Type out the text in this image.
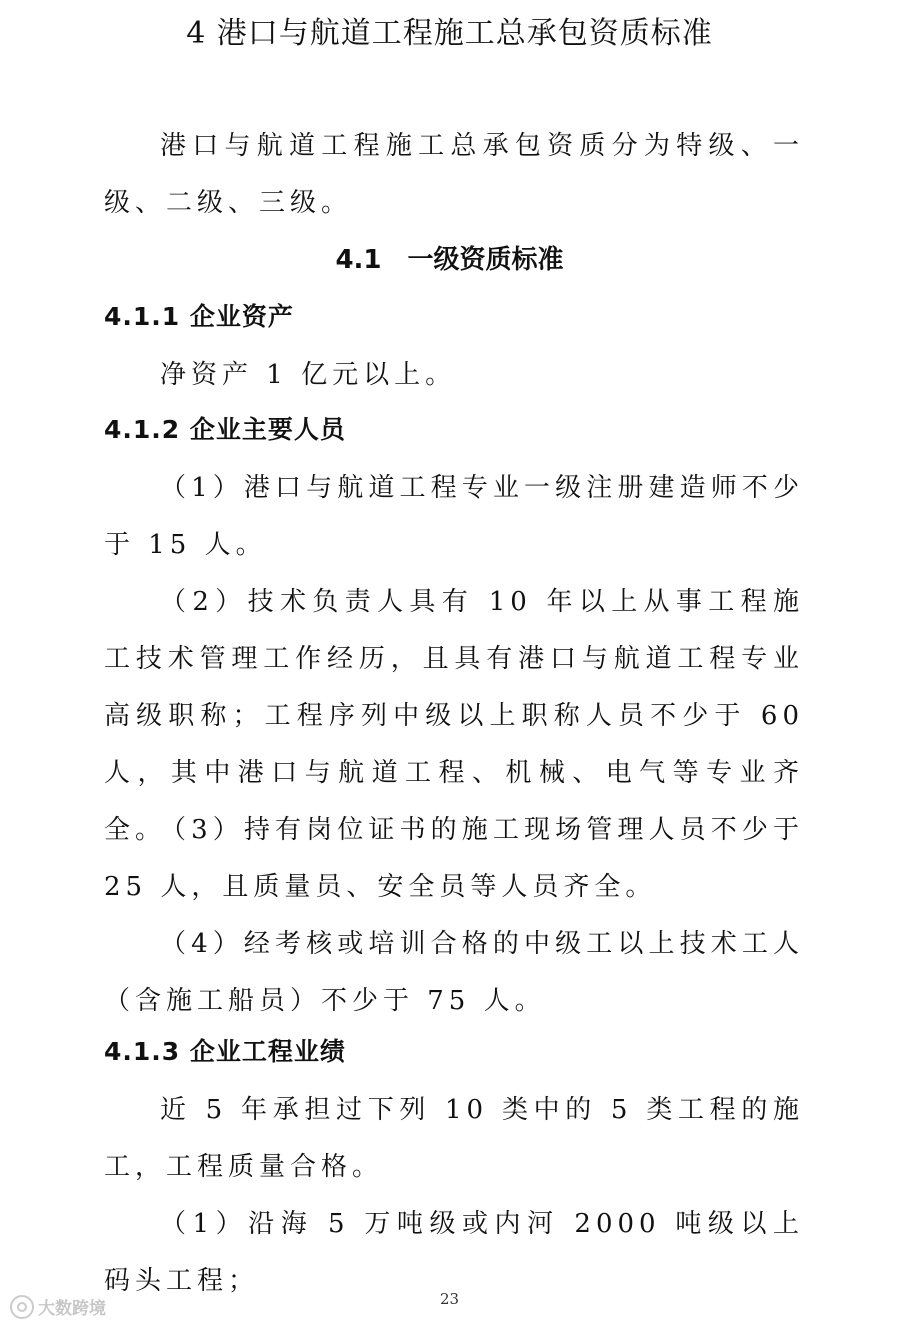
4 港口与航道工程施工总承包资质标准

港口与航道工程施工总承包资质分为特级、一级、二级、三级。

4.1　一级资质标准
4.1.1 企业资产

净资产 1 亿元以上。

4.1.2 企业主要人员

（1）港口与航道工程专业一级注册建造师不少于 15 人。

（2）技术负责人具有 10 年以上从事工程施工技术管理工作经历，且具有港口与航道工程专业高级职称；工程序列中级以上职称人员不少于 60 人，其中港口与航道工程、机械、电气等专业齐全。

（3）持有岗位证书的施工现场管理人员不少于 25 人，且质量员、安全员等人员齐全。

（4）经考核或培训合格的中级工以上技术工人（含施工船员）不少于 75 人。

4.1.3 企业工程业绩

近 5 年承担过下列 10 类中的 5 类工程的施工，工程质量合格。

（1）沿海 5 万吨级或内河 2000 吨级以上码头工程；

23
大数跨境
